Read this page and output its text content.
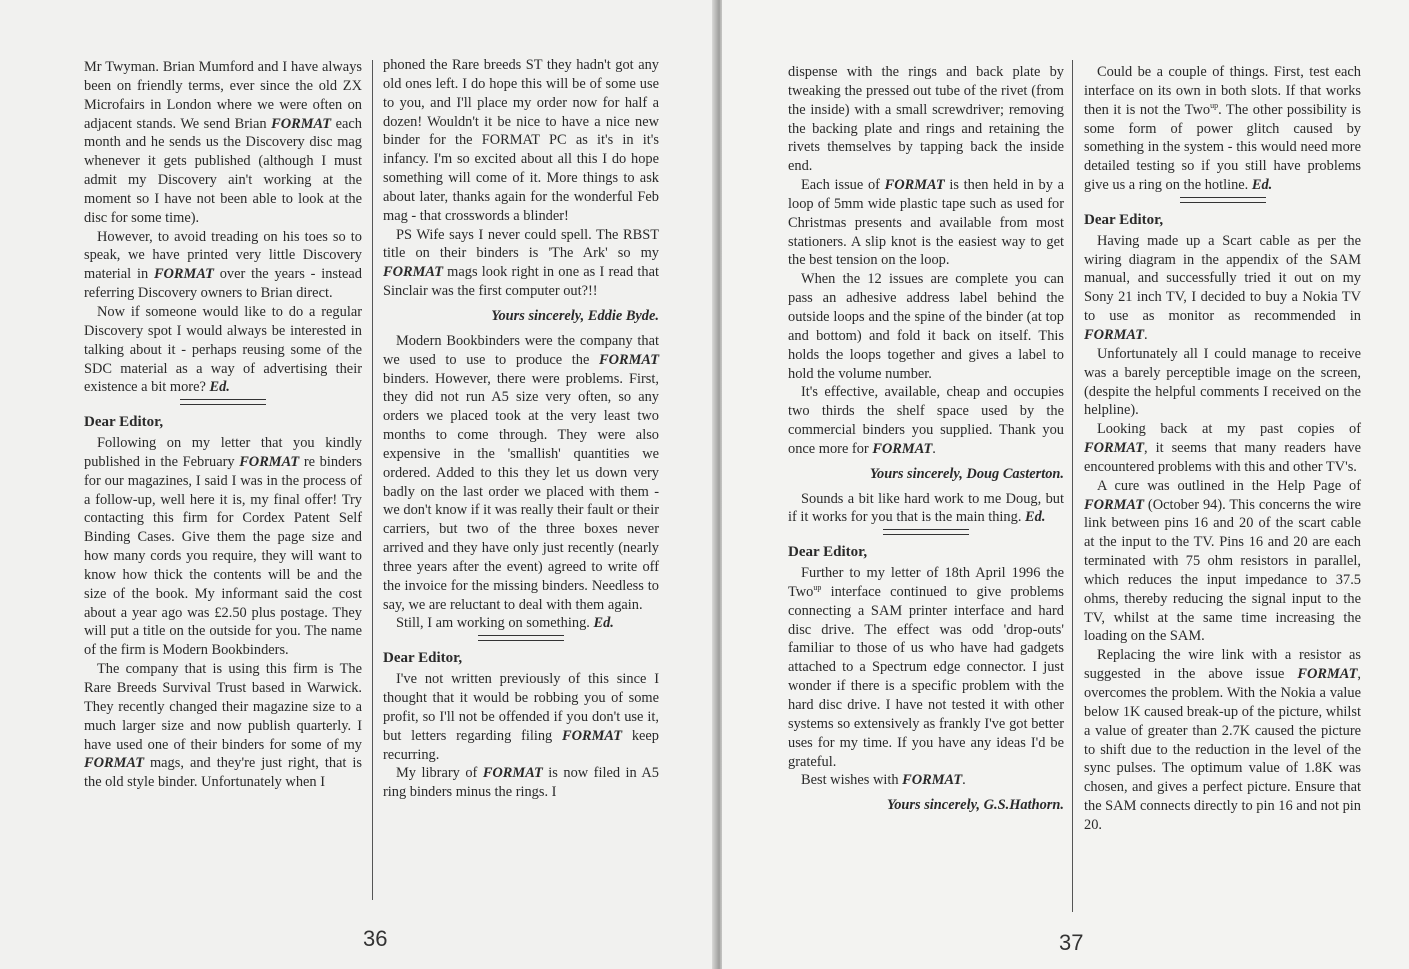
Mr Twyman. Brian Mumford and I have always been on friendly terms, ever since the old ZX Microfairs in London where we were often on adjacent stands. We send Brian FORMAT each month and he sends us the Discovery disc mag whenever it gets published (although I must admit my Discovery ain't working at the moment so I have not been able to look at the disc for some time).

However, to avoid treading on his toes so to speak, we have printed very little Discovery material in FORMAT over the years - instead referring Discovery owners to Brian direct.

Now if someone would like to do a regular Discovery spot I would always be interested in talking about it - perhaps reusing some of the SDC material as a way of advertising their existence a bit more? Ed.

Dear Editor,

Following on my letter that you kindly published in the February FORMAT re binders for our magazines, I said I was in the process of a follow-up, well here it is, my final offer! Try contacting this firm for Cordex Patent Self Binding Cases. Give them the page size and how many cords you require, they will want to know how thick the contents will be and the size of the book. My informant said the cost about a year ago was £2.50 plus postage. They will put a title on the outside for you. The name of the firm is Modern Bookbinders.

The company that is using this firm is The Rare Breeds Survival Trust based in Warwick. They recently changed their magazine size to a much larger size and now publish quarterly. I have used one of their binders for some of my FORMAT mags, and they're just right, that is the old style binder. Unfortunately when I

phoned the Rare breeds ST they hadn't got any old ones left. I do hope this will be of some use to you, and I'll place my order now for half a dozen! Wouldn't it be nice to have a nice new binder for the FORMAT PC as it's in it's infancy. I'm so excited about all this I do hope something will come of it. More things to ask about later, thanks again for the wonderful Feb mag - that crosswords a blinder!

PS Wife says I never could spell. The RBST title on their binders is 'The Ark' so my FORMAT mags look right in one as I read that Sinclair was the first computer out?!!

Yours sincerely, Eddie Byde.

Modern Bookbinders were the company that we used to use to produce the FORMAT binders. However, there were problems. First, they did not run A5 size very often, so any orders we placed took at the very least two months to come through. They were also expensive in the 'smallish' quantities we ordered. Added to this they let us down very badly on the last order we placed with them - we don't know if it was really their fault or their carriers, but two of the three boxes never arrived and they have only just recently (nearly three years after the event) agreed to write off the invoice for the missing binders. Needless to say, we are reluctant to deal with them again.

Still, I am working on something. Ed.

Dear Editor,

I've not written previously of this since I thought that it would be robbing you of some profit, so I'll not be offended if you don't use it, but letters regarding filing FORMAT keep recurring.

My library of FORMAT is now filed in A5 ring binders minus the rings. I

36

dispense with the rings and back plate by tweaking the pressed out tube of the rivet (from the inside) with a small screwdriver; removing the backing plate and rings and retaining the rivets themselves by tapping back the inside end.

Each issue of FORMAT is then held in by a loop of 5mm wide plastic tape such as used for Christmas presents and available from most stationers. A slip knot is the easiest way to get the best tension on the loop.

When the 12 issues are complete you can pass an adhesive address label behind the outside loops and the spine of the binder (at top and bottom) and fold it back on itself. This holds the loops together and gives a label to hold the volume number.

It's effective, available, cheap and occupies two thirds the shelf space used by the commercial binders you supplied. Thank you once more for FORMAT.

Yours sincerely, Doug Casterton.

Sounds a bit like hard work to me Doug, but if it works for you that is the main thing. Ed.

Dear Editor,

Further to my letter of 18th April 1996 the Two$^{up}$ interface continued to give problems connecting a SAM printer interface and hard disc drive. The effect was odd 'drop-outs' familiar to those of us who have had gadgets attached to a Spectrum edge connector. I just wonder if there is a specific problem with the hard disc drive. I have not tested it with other systems so extensively as frankly I've got better uses for my time. If you have any ideas I'd be grateful.

Best wishes with FORMAT.

Yours sincerely, G.S.Hathorn.

Could be a couple of things. First, test each interface on its own in both slots. If that works then it is not the Two$^{up}$. The other possibility is some form of power glitch caused by something in the system - this would need more detailed testing so if you still have problems give us a ring on the hotline. Ed.

Dear Editor,

Having made up a Scart cable as per the wiring diagram in the appendix of the SAM manual, and successfully tried it out on my Sony 21 inch TV, I decided to buy a Nokia TV to use as monitor as recommended in FORMAT.

Unfortunately all I could manage to receive was a barely perceptible image on the screen, (despite the helpful comments I received on the helpline).

Looking back at my past copies of FORMAT, it seems that many readers have encountered problems with this and other TV's.

A cure was outlined in the Help Page of FORMAT (October 94). This concerns the wire link between pins 16 and 20 of the scart cable at the input to the TV. Pins 16 and 20 are each terminated with 75 ohm resistors in parallel, which reduces the input impedance to 37.5 ohms, thereby reducing the signal input to the TV, whilst at the same time increasing the loading on the SAM.

Replacing the wire link with a resistor as suggested in the above issue FORMAT, overcomes the problem. With the Nokia a value below 1K caused break-up of the picture, whilst a value of greater than 2.7K caused the picture to shift due to the reduction in the level of the sync pulses. The optimum value of 1.8K was chosen, and gives a perfect picture. Ensure that the SAM connects directly to pin 16 and not pin 20.

37
